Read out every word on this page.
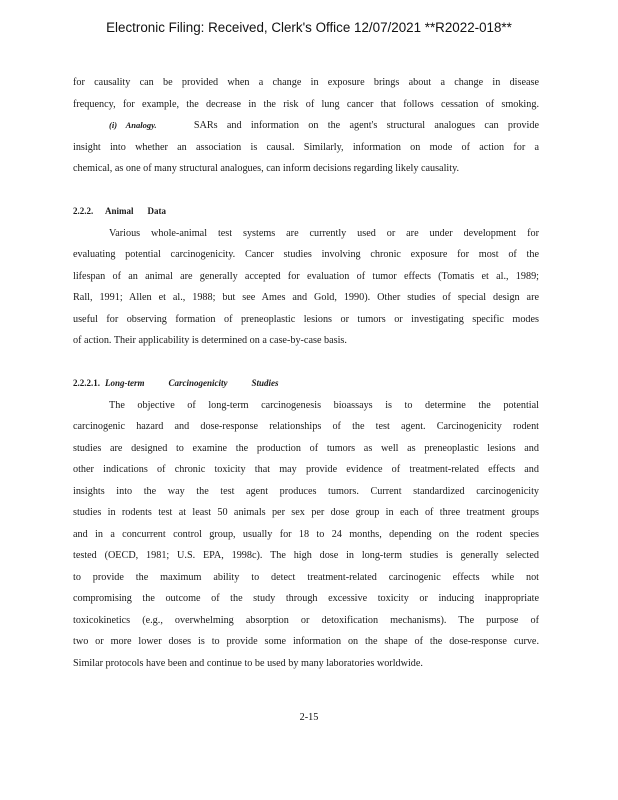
Electronic Filing: Received, Clerk's Office 12/07/2021 **R2022-018**
for causality can be provided when a change in exposure brings about a change in disease
frequency, for example, the decrease in the risk of lung cancer that follows cessation of smoking.
(i) Analogy.	SARs and information on the agent's structural analogues can provide
insight into whether an association is causal. Similarly, information on mode of action for a
chemical, as one of many structural analogues, can inform decisions regarding likely causality.
2.2.2. Animal Data
Various whole-animal test systems are currently used or are under development for
evaluating potential carcinogenicity. Cancer studies involving chronic exposure for most of the
lifespan of an animal are generally accepted for evaluation of tumor effects (Tomatis et al., 1989;
Rall, 1991; Allen et al., 1988; but see Ames and Gold, 1990). Other studies of special design are
useful for observing formation of preneoplastic lesions or tumors or investigating specific modes
of action. Their applicability is determined on a case-by-case basis.
2.2.2.1. Long-term	Carcinogenicity	Studies
The objective of long-term carcinogenesis bioassays is to determine the potential
carcinogenic hazard and dose-response relationships of the test agent. Carcinogenicity rodent
studies are designed to examine the production of tumors as well as preneoplastic lesions and
other indications of chronic toxicity that may provide evidence of treatment-related effects and
insights into the way the test agent produces tumors. Current standardized carcinogenicity
studies in rodents test at least 50 animals per sex per dose group in each of three treatment groups
and in a concurrent control group, usually for 18 to 24 months, depending on the rodent species
tested (OECD, 1981; U.S. EPA, 1998c). The high dose in long-term studies is generally selected
to provide the maximum ability to detect treatment-related carcinogenic effects while not
compromising the outcome of the study through excessive toxicity or inducing inappropriate
toxicokinetics (e.g., overwhelming absorption or detoxification mechanisms). The purpose of
two or more lower doses is to provide some information on the shape of the dose-response curve.
Similar protocols have been and continue to be used by many laboratories worldwide.
2-15
